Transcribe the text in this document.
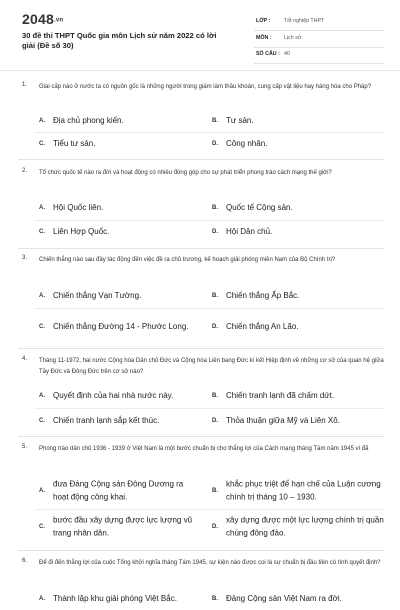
2048.vn
30 đề thi THPT Quốc gia môn Lịch sử năm 2022 có lời giải (Đề số 30)
LỚP :	Tốt nghiệp THPT
MÔN : Lịch sử
SỐ CÂU : 40
1. Giai cấp nào ở nước ta có nguồn gốc là những người trong giám làm thầu khoán, cung cấp vật liệu hay hàng hóa cho Pháp?
A. Địa chủ phong kiến.	B. Tư sản.
C. Tiểu tư sản.	D. Công nhân.
2. Tổ chức quốc tế nào ra đời và hoạt động có nhiều đóng góp cho sự phát triển phong trào cách mạng thế giới?
A. Hội Quốc liên.	B. Quốc tế Cộng sản.
C. Liên Hợp Quốc.	D. Hội Dân chủ.
3. Chiến thắng nào sau đây tác động đến việc đề ra chủ trương, kế hoạch giải phóng miền Nam của Bộ Chính trị?
A. Chiến thắng Vạn Tường.	B. Chiến thắng Ấp Bắc.
C. Chiến thắng Đường 14 - Phước Long.	D. Chiến thắng An Lão.
4. Tháng 11-1972, hai nước Cộng hòa Dân chủ Đức và Cộng hòa Liên bang Đức kí kết Hiệp định về những cơ sở của quan hệ giữa Tây Đức và Đông Đức trên cơ sở nào?
A. Quyết định của hai nhà nước này.	B. Chiến tranh lạnh đã chấm dứt.
C. Chiến tranh lạnh sắp kết thúc.	D. Thỏa thuận giữa Mỹ và Liên Xô.
5. Phong trào dân chủ 1936 - 1939 ở Việt Nam là một bước chuẩn bị cho thắng lợi của Cách mạng tháng Tám năm 1945 vì đã
A.
đưa Đảng Cộng sản Đông Dương ra hoạt động công khai.
B.
khắc phục triệt để hạn chế của Luận cương chính trị tháng 10 – 1930.
C.
bước đầu xây dựng được lực lượng vũ trang nhân dân.
D.
xây dựng được một lực lượng chính trị quần chúng đông đảo.
6. Để đi đến thắng lợi của cuộc Tổng khởi nghĩa tháng Tám 1945, sự kiện nào được coi là sự chuẩn bị đầu tiên có tính quyết định?
A. Thành lập khu giải phóng Việt Bắc.	B. Đảng Cộng sản Việt Nam ra đời.
